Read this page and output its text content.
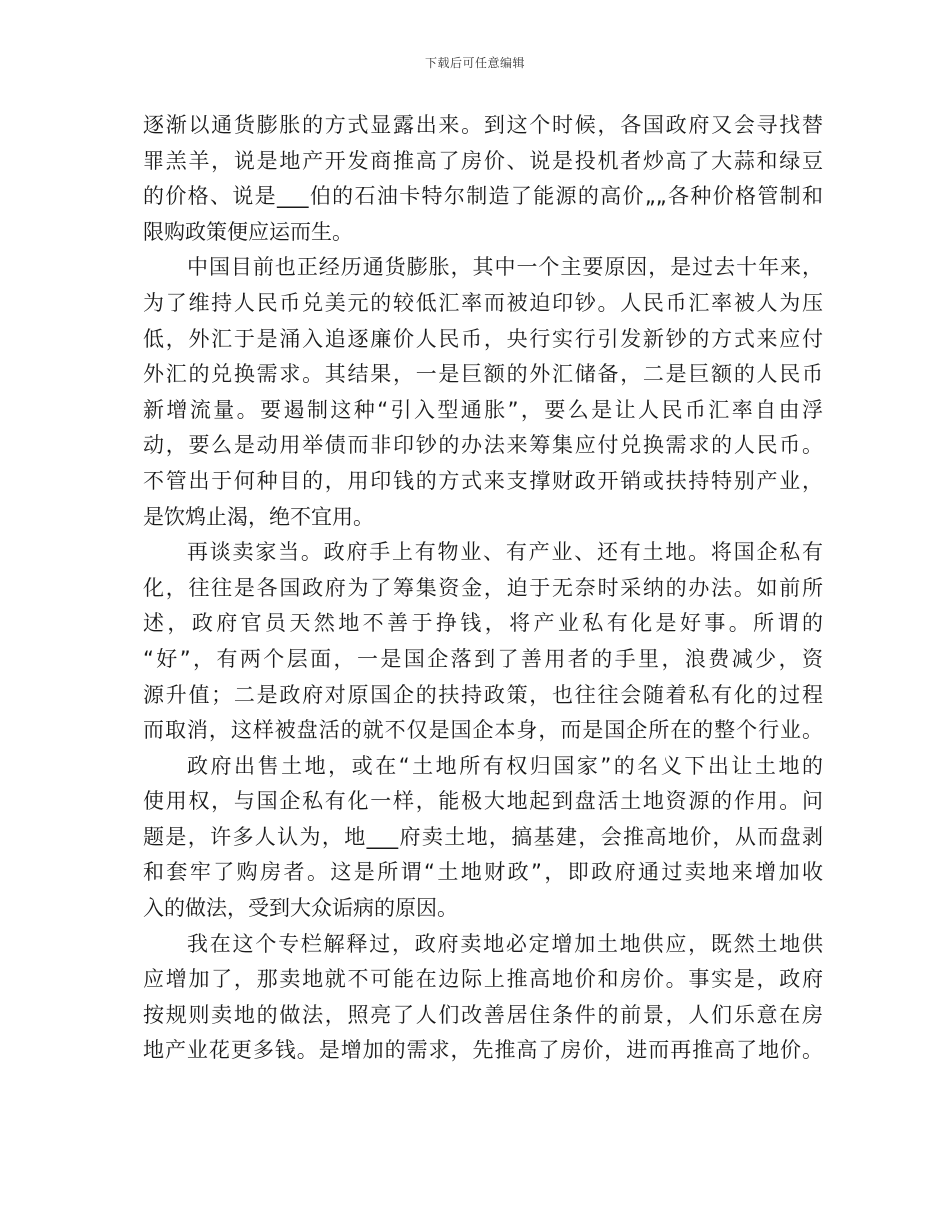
下载后可任意编辑
逐渐以通货膨胀的方式显露出来。到这个时候，各国政府又会寻找替
罪羔羊，说是地产开发商推高了房价、说是投机者炒高了大蒜和绿豆
的价格、说是___伯的石油卡特尔制造了能源的高价„„各种价格管制和
限购政策便应运而生。
中国目前也正经历通货膨胀，其中一个主要原因，是过去十年来，
为了维持人民币兑美元的较低汇率而被迫印钞。人民币汇率被人为压
低，外汇于是涌入追逐廉价人民币，央行实行引发新钞的方式来应付
外汇的兑换需求。其结果，一是巨额的外汇储备，二是巨额的人民币
新增流量。要遏制这种“引入型通胀”，要么是让人民币汇率自由浮
动，要么是动用举债而非印钞的办法来筹集应付兑换需求的人民币。
不管出于何种目的，用印钱的方式来支撑财政开销或扶持特别产业，
是饮鸩止渴，绝不宜用。
再谈卖家当。政府手上有物业、有产业、还有土地。将国企私有
化，往往是各国政府为了筹集资金，迫于无奈时采纳的办法。如前所
述，政府官员天然地不善于挣钱，将产业私有化是好事。所谓的
“好”，有两个层面，一是国企落到了善用者的手里，浪费减少，资
源升值；二是政府对原国企的扶持政策，也往往会随着私有化的过程
而取消，这样被盘活的就不仅是国企本身，而是国企所在的整个行业。
政府出售土地，或在“土地所有权归国家”的名义下出让土地的
使用权，与国企私有化一样，能极大地起到盘活土地资源的作用。问
题是，许多人认为，地___府卖土地，搞基建，会推高地价，从而盘剥
和套牢了购房者。这是所谓“土地财政”，即政府通过卖地来增加收
入的做法，受到大众诟病的原因。
我在这个专栏解释过，政府卖地必定增加土地供应，既然土地供
应增加了，那卖地就不可能在边际上推高地价和房价。事实是，政府
按规则卖地的做法，照亮了人们改善居住条件的前景，人们乐意在房
地产业花更多钱。是增加的需求，先推高了房价，进而再推高了地价。
